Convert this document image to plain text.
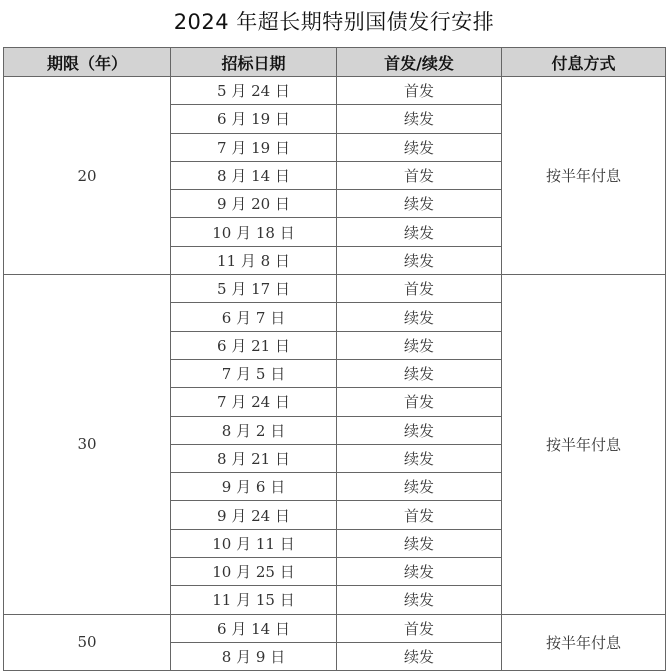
2024 年超长期特别国债发行安排
期限（年）	招标日期	首发/续发	付息方式
20	5 月 24 日	首发	按半年付息
	6 月 19 日	续发	
	7 月 19 日	续发	
	8 月 14 日	首发	
	9 月 20 日	续发	
	10 月 18 日	续发	
	11 月 8 日	续发	
30	5 月 17 日	首发	按半年付息
	6 月 7 日	续发	
	6 月 21 日	续发	
	7 月 5 日	续发	
	7 月 24 日	首发	
	8 月 2 日	续发	
	8 月 21 日	续发	
	9 月 6 日	续发	
	9 月 24 日	首发	
	10 月 11 日	续发	
	10 月 25 日	续发	
	11 月 15 日	续发	
50	6 月 14 日	首发	按半年付息
	8 月 9 日	续发	
